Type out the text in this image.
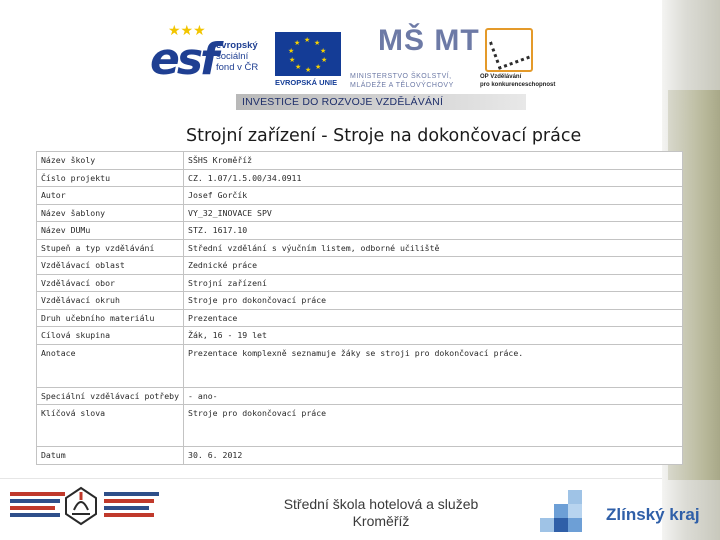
esf
★★★
evropský
sociální
fond v ČR
★ ★
★
★
★
★
★
★
★
★
EVROPSKÁ UNIE
MŠ MT
MINISTERSTVO ŠKOLSTVÍ,
MLÁDEŽE A TĚLOVÝCHOVY
OP Vzdělávání
pro konkurenceschopnost
INVESTICE DO ROZVOJE VZDĚLÁVÁNÍ
Strojní zařízení - Stroje na dokončovací práce
Název školy	SŠHS Kroměříž
Číslo projektu	CZ. 1.07/1.5.00/34.0911
Autor	Josef Gorčík
Název šablony	VY_32_INOVACE SPV
Název DUMu	STZ. 1617.10
Stupeň a typ vzdělávání	Střední vzdělání s výučním listem, odborné učiliště
Vzdělávací oblast	Zednické práce
Vzdělávací obor	Strojní zařízení
Vzdělávací okruh	Stroje pro dokončovací práce
Druh učebního materiálu	Prezentace
Cílová skupina	Žák, 16 - 19 let
Anotace	Prezentace komplexně seznamuje žáky se stroji pro dokončovací práce.
Speciální vzdělávací potřeby	- ano-
Klíčová slova	Stroje pro dokončovací práce
Datum	30. 6. 2012
Střední škola hotelová a služeb
Kroměříž	Zlínský kraj
